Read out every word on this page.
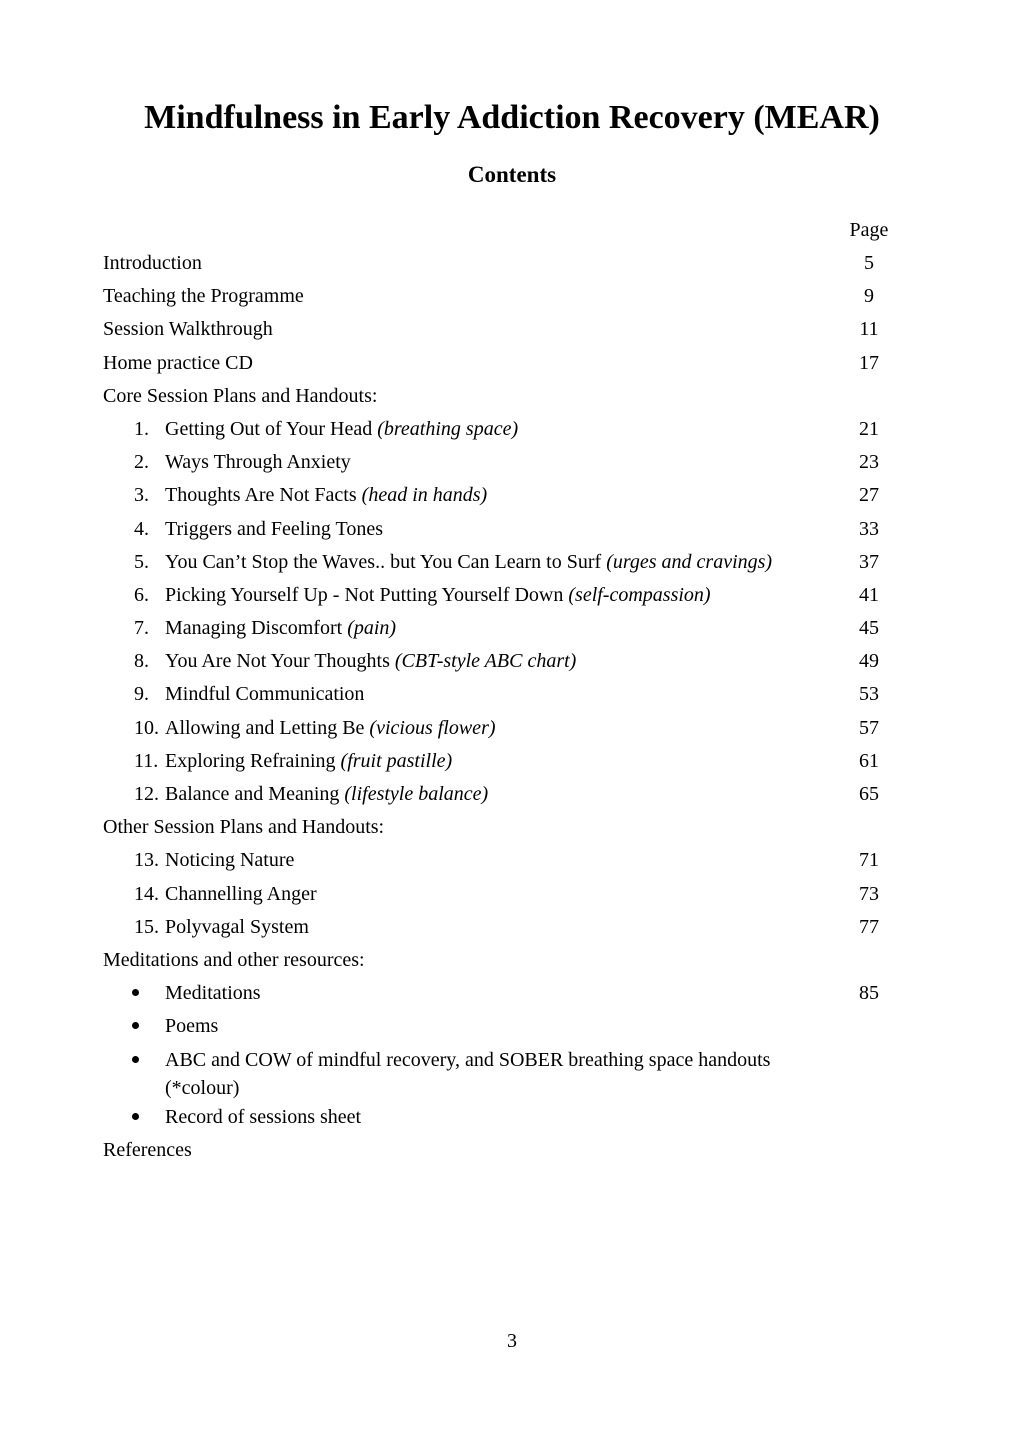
Mindfulness in Early Addiction Recovery (MEAR)
Contents
Page
Introduction	5
Teaching the Programme	9
Session Walkthrough	11
Home practice CD	17
Core Session Plans and Handouts:
1. Getting Out of Your Head (breathing space)	21
2. Ways Through Anxiety	23
3. Thoughts Are Not Facts (head in hands)	27
4. Triggers and Feeling Tones	33
5. You Can’t Stop the Waves.. but You Can Learn to Surf (urges and cravings)	37
6. Picking Yourself Up - Not Putting Yourself Down (self-compassion)	41
7. Managing Discomfort (pain)	45
8. You Are Not Your Thoughts (CBT-style ABC chart)	49
9. Mindful Communication	53
10. Allowing and Letting Be (vicious flower)	57
11. Exploring Refraining (fruit pastille)	61
12. Balance and Meaning (lifestyle balance)	65
Other Session Plans and Handouts:
13. Noticing Nature	71
14. Channelling Anger	73
15. Polyvagal System	77
Meditations and other resources:
Meditations	85
Poems
ABC and COW of mindful recovery, and SOBER breathing space handouts (*colour)
Record of sessions sheet
References
3
